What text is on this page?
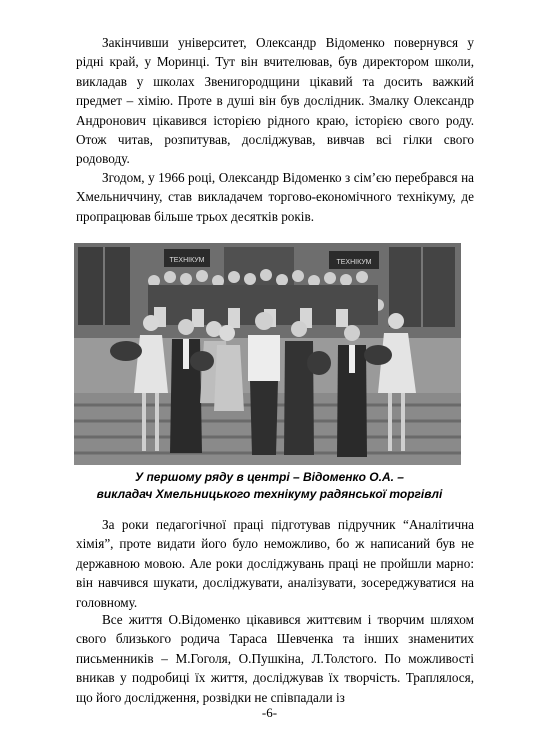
Закінчивши університет, Олександр Відоменко повернувся у рідні край, у Моринці. Тут він вчителював, був директором школи, викладав у школах Звенигородщини цікавий та досить важкий предмет – хімію. Проте в душі він був дослідник. Змалку Олександр Андронович цікавився історією рідного краю, історією свого роду. Отож читав, розпитував, досліджував, вивчав всі гілки свого родоводу.

Згодом, у 1966 році, Олександр Відоменко з сім’єю перебрався на Хмельниччину, став викладачем торгово-економічного технікуму, де пропрацював більше трьох десятків років.

ТЕХНІКУМ	ТЕХНІКУМ

У першому ряду в центрі – Відоменко О.А. –

викладач Хмельницького технікуму радянської торгівлі

За роки педагогічної праці підготував підручник “Аналітична хімія”, проте видати його було неможливо, бо ж написаний був не державною мовою. Але роки досліджувань праці не пройшли марно: він навчився шукати, досліджувати, аналізувати, зосереджуватися на головному.

Все життя О.Відоменко цікавився життєвим і творчим шляхом свого близького родича Тараса Шевченка та інших знаменитих письменників – М.Гоголя, О.Пушкіна, Л.Толстого. По можливості вникав у подробиці їх життя, досліджував їх творчість. Траплялося, що його дослідження, розвідки не співпадали із

-6-
